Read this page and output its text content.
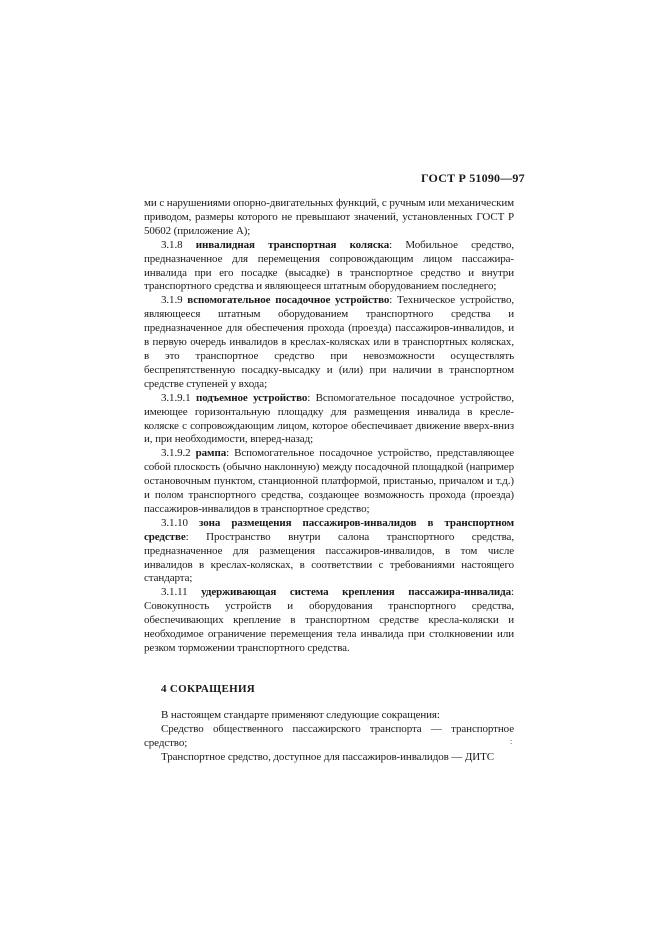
ГОСТ Р 51090—97

ми с нарушениями опорно-двигательных функций, с ручным или механическим приводом, размеры которого не превышают значений, установленных ГОСТ Р 50602 (приложение А);

3.1.8 инвалидная транспортная коляска: Мобильное средство, предназначенное для перемещения сопровождающим лицом пассажира-инвалида при его посадке (высадке) в транспортное средство и внутри транспортного средства и являющееся штатным оборудованием последнего;

3.1.9 вспомогательное посадочное устройство: Техническое устройство, являющееся штатным оборудованием транспортного средства и предназначенное для обеспечения прохода (проезда) пассажиров-инвалидов, и в первую очередь инвалидов в креслах-колясках или в транспортных колясках, в это транспортное средство при невозможности осуществлять беспрепятственную посадку-высадку и (или) при наличии в транспортном средстве ступеней у входа;

3.1.9.1 подъемное устройство: Вспомогательное посадочное устройство, имеющее горизонтальную площадку для размещения инвалида в кресле-коляске с сопровождающим лицом, которое обеспечивает движение вверх-вниз и, при необходимости, вперед-назад;

3.1.9.2 рампа: Вспомогательное посадочное устройство, представляющее собой плоскость (обычно наклонную) между посадочной площадкой (например остановочным пунктом, станционной платформой, пристанью, причалом и т.д.) и полом транспортного средства, создающее возможность прохода (проезда) пассажиров-инвалидов в транспортное средство;

3.1.10 зона размещения пассажиров-инвалидов в транспортном средстве: Пространство внутри салона транспортного средства, предназначенное для размещения пассажиров-инвалидов, в том числе инвалидов в креслах-колясках, в соответствии с требованиями настоящего стандарта;

3.1.11 удерживающая система крепления пассажира-инвалида: Совокупность устройств и оборудования транспортного средства, обеспечивающих крепление в транспортном средстве кресла-коляски и необходимое ограничение перемещения тела инвалида при столкновении или резком торможении транспортного средства.

4 СОКРАЩЕНИЯ

В настоящем стандарте применяют следующие сокращения:

Средство общественного пассажирского транспорта — транспортное средство;

Транспортное средство, доступное для пассажиров-инвалидов — ДИТС

:
